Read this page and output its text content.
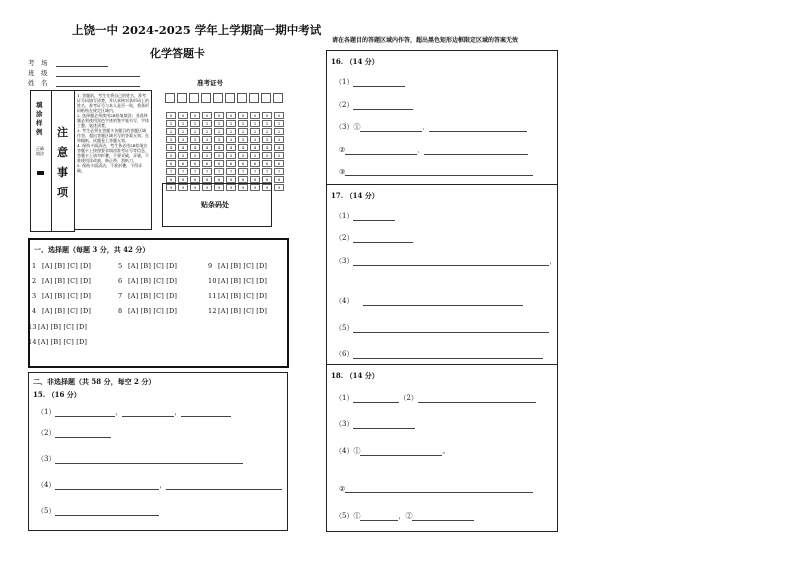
上饶一中 2024-2025 学年上学期高一期中考试
化学答题卡
考　场
班　级
姓　名
填涂样例
正确填涂
注
意
事
项
1. 答题前，考生先将自己的姓名、准考证号码填写清楚，并认真核对条形码上的姓名、准考证号与本人是否一致，将条形码粘贴在规定区域内。
2. 选择题必须使用2B铅笔填涂；非选择题必须使用黑色字迹的签字笔书写，字体工整、笔迹清楚。
3. 考生必须在答题卡各题目的答题区域作答，超出答题区域书写的答案无效；在草稿纸、试题卷上答题无效。
4. 保持卡面清洁，考生务必用2B铅笔在答题卡上按照要求填涂准考证号等信息，答题卡上请勿折叠，不要弄破、弄皱，不准使用涂改液、修正带、刮纸刀。
5. 保持卡面清洁，不准折叠，不得弄破。
准考证号
0 0 0 0 0 0 0 0 0 0
1 1 1 1 1 1 1 1 1 1
2 2 2 2 2 2 2 2 2 2
3 3 3 3 3 3 3 3 3 3
4 4 4 4 4 4 4 4 4 4
5 5 5 5 5 5 5 5 5 5
6 6 6 6 6 6 6 6 6 6
7 7 7 7 7 7 7 7 7 7
8 8 8 8 8 8 8 8 8 8
9 9 9 9 9 9 9 9 9 9
贴条码处
一、选择题（每题 3 分，共 42 分）
1 [A] [B] [C] [D]
2 [A] [B] [C] [D]
3 [A] [B] [C] [D]
4 [A] [B] [C] [D]
5 [A] [B] [C] [D]
6 [A] [B] [C] [D]
7 [A] [B] [C] [D]
8 [A] [B] [C] [D]
9 [A] [B] [C] [D]
10[A] [B] [C] [D]
11[A] [B] [C] [D]
12[A] [B] [C] [D]
13[A] [B] [C] [D]
14[A] [B] [C] [D]
二、非选择题（共 58 分，每空 2 分）
15. （16 分）
（1）	，	，
（2）
（3）
（4）	，
（5）
请在各题目的答题区域内作答，超出黑色矩形边框限定区域的答案无效
16. （14 分）
（1）
（2）
（3）①	．
②	．
③
17. （14 分）
（1）
（2）
（3）	，
（4）
（5）
（6）
18. （14 分）
（1）	（2）
（3）
（4）①	。
②
（5）①	，②
